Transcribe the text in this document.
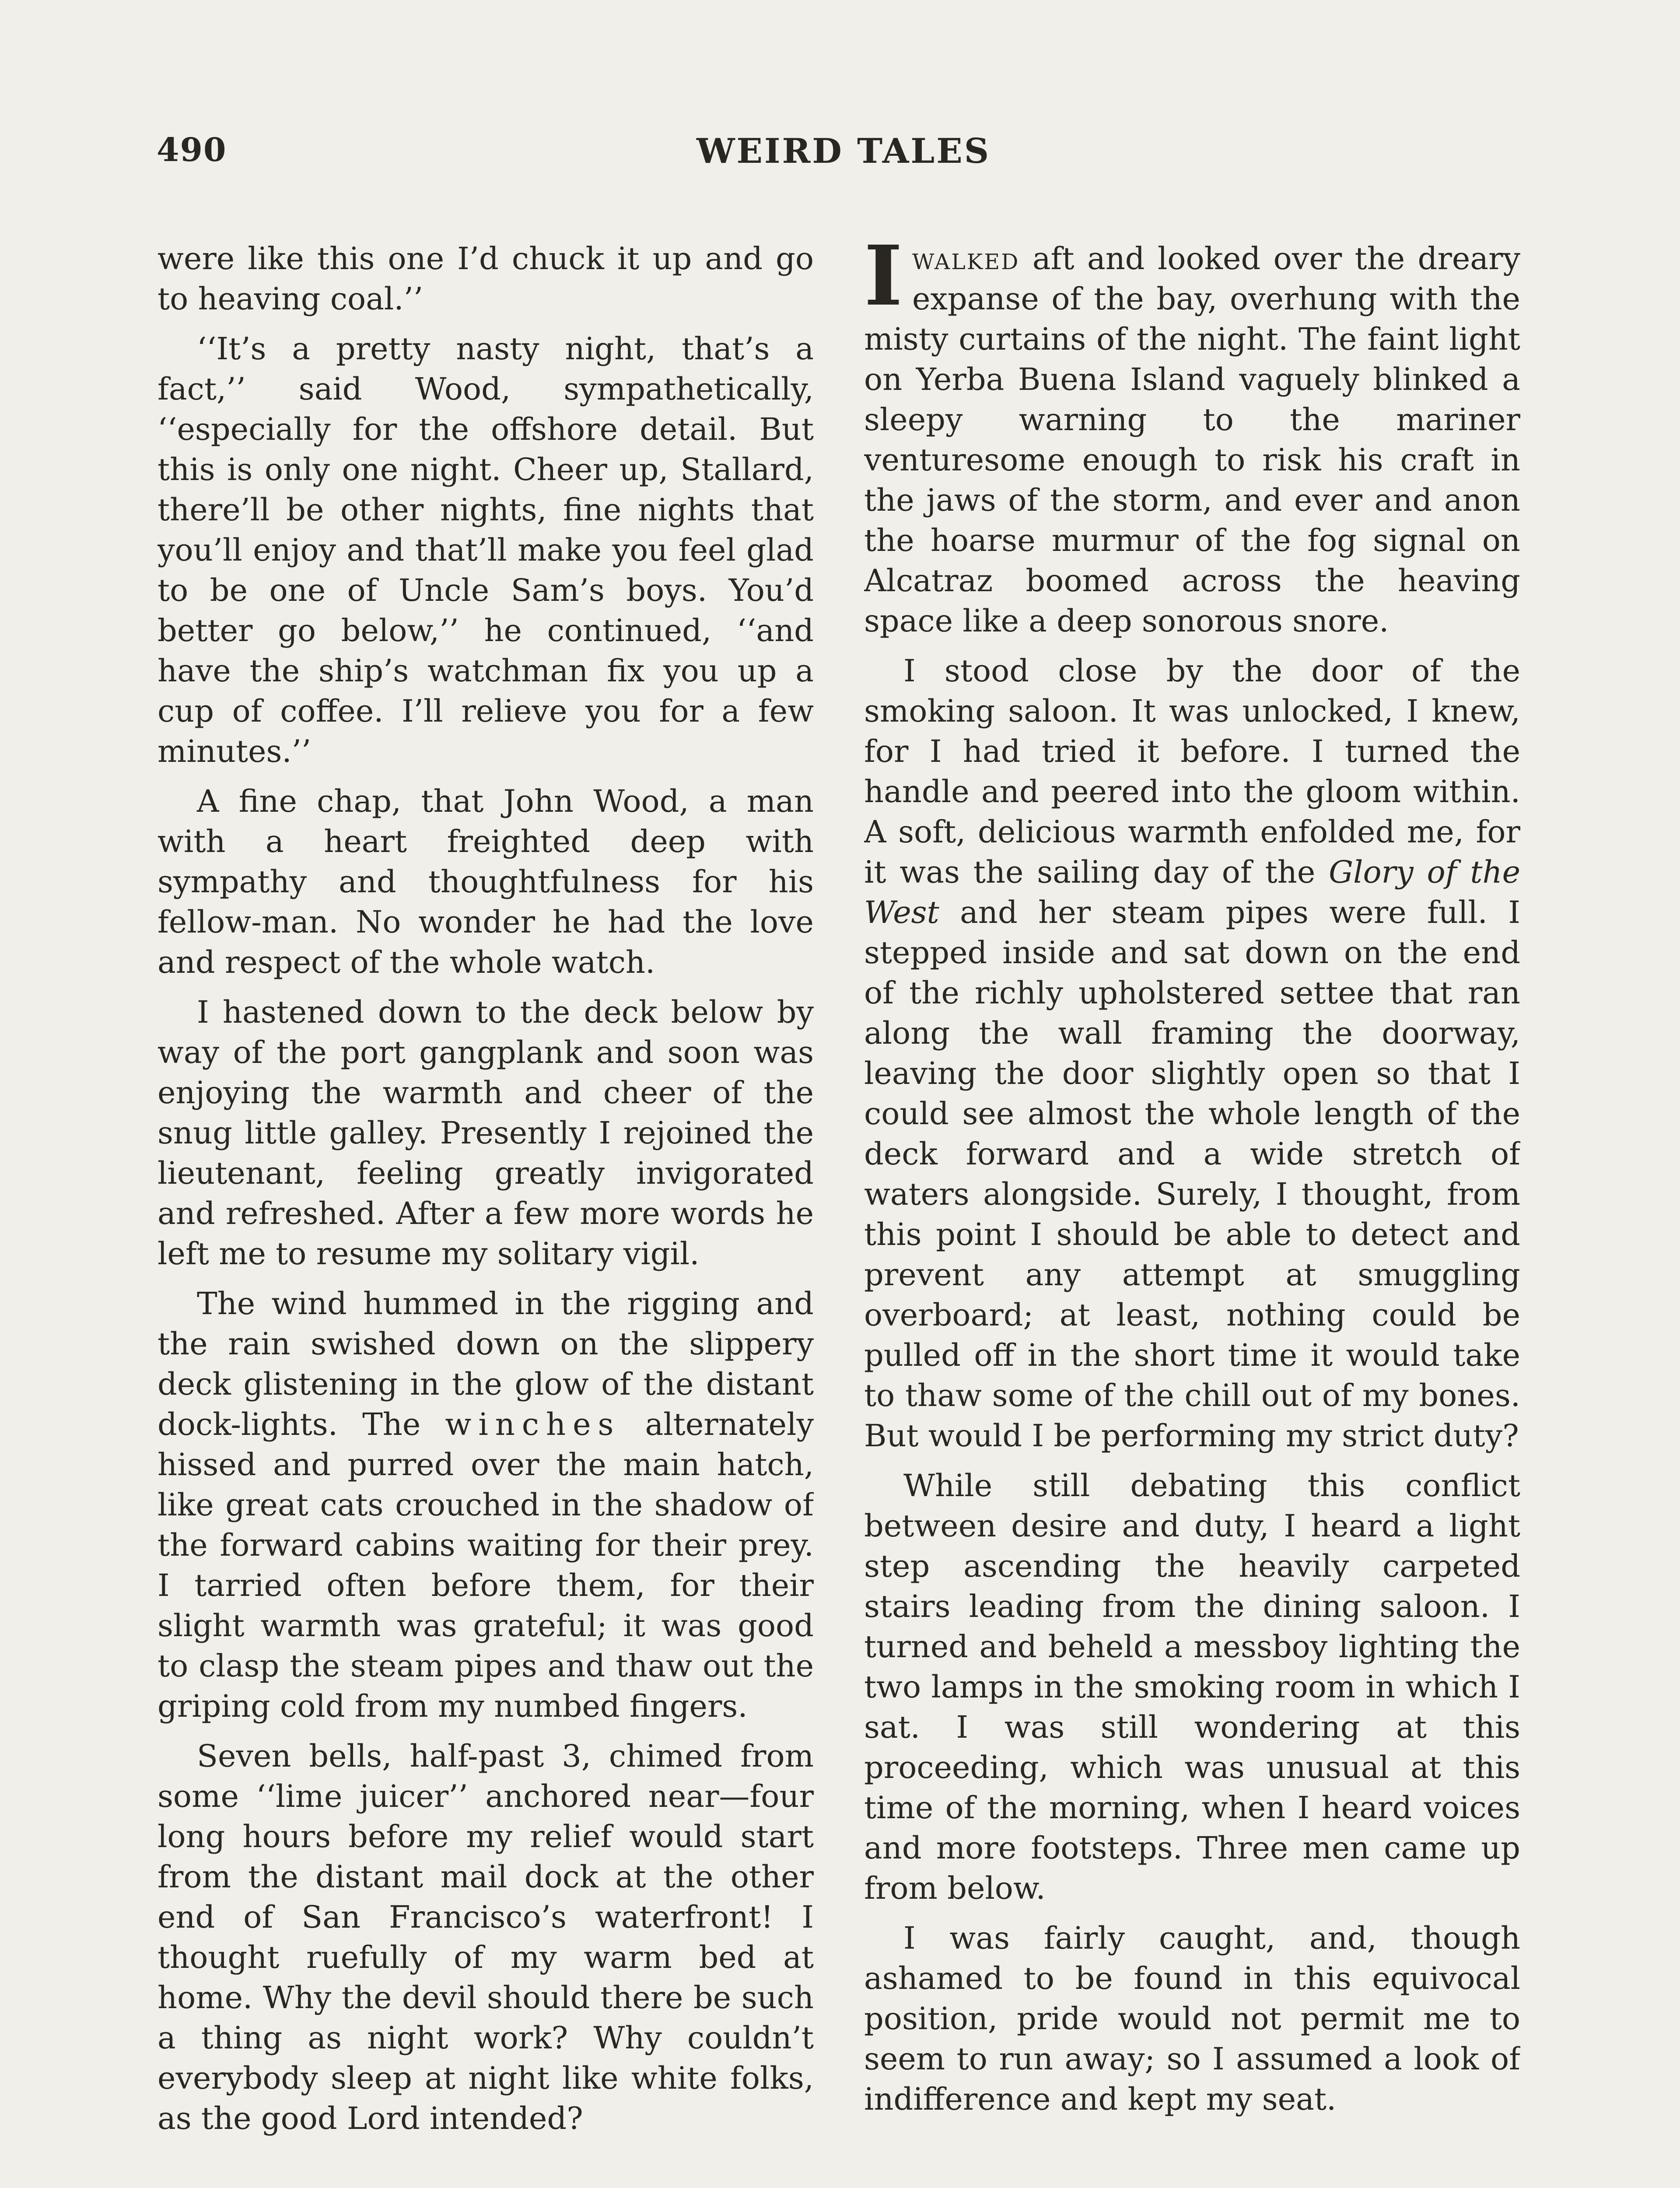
490	WEIRD TALES

were like this one I’d chuck it up and go to heaving coal.’’

‘‘It’s a pretty nasty night, that’s a fact,’’ said Wood, sympathetically, ‘‘especially for the offshore detail. But this is only one night. Cheer up, Stallard, there’ll be other nights, fine nights that you’ll enjoy and that’ll make you feel glad to be one of Uncle Sam’s boys. You’d better go below,’’ he continued, ‘‘and have the ship’s watchman fix you up a cup of coffee. I’ll relieve you for a few minutes.’’

A fine chap, that John Wood, a man with a heart freighted deep with sympathy and thoughtfulness for his fellow-man. No wonder he had the love and respect of the whole watch.

I hastened down to the deck below by way of the port gangplank and soon was enjoying the warmth and cheer of the snug little galley. Presently I rejoined the lieutenant, feeling greatly invigorated and refreshed. After a few more words he left me to resume my solitary vigil.

The wind hummed in the rigging and the rain swished down on the slippery deck glistening in the glow of the distant dock-lights. The winches alternately hissed and purred over the main hatch, like great cats crouched in the shadow of the forward cabins waiting for their prey. I tarried often before them, for their slight warmth was grateful; it was good to clasp the steam pipes and thaw out the griping cold from my numbed fingers.

Seven bells, half-past 3, chimed from some ‘‘lime juicer’’ anchored near—four long hours before my relief would start from the distant mail dock at the other end of San Francisco’s waterfront! I thought ruefully of my warm bed at home. Why the devil should there be such a thing as night work? Why couldn’t everybody sleep at night like white folks, as the good Lord intended?

Iwalked aft and looked over the dreary expanse of the bay, overhung with the misty curtains of the night. The faint light on Yerba Buena Island vaguely blinked a sleepy warning to the mariner venturesome enough to risk his craft in the jaws of the storm, and ever and anon the hoarse murmur of the fog signal on Alcatraz boomed across the heaving space like a deep sonorous snore.

I stood close by the door of the smoking saloon. It was unlocked, I knew, for I had tried it before. I turned the handle and peered into the gloom within. A soft, delicious warmth enfolded me, for it was the sailing day of the Glory of the West and her steam pipes were full. I stepped inside and sat down on the end of the richly upholstered settee that ran along the wall framing the doorway, leaving the door slightly open so that I could see almost the whole length of the deck forward and a wide stretch of waters alongside. Surely, I thought, from this point I should be able to detect and prevent any attempt at smuggling overboard; at least, nothing could be pulled off in the short time it would take to thaw some of the chill out of my bones. But would I be performing my strict duty?

While still debating this conflict between desire and duty, I heard a light step ascending the heavily carpeted stairs leading from the dining saloon. I turned and beheld a messboy lighting the two lamps in the smoking room in which I sat. I was still wondering at this proceeding, which was unusual at this time of the morning, when I heard voices and more footsteps. Three men came up from below.

I was fairly caught, and, though ashamed to be found in this equivocal position, pride would not permit me to seem to run away; so I assumed a look of indifference and kept my seat.
